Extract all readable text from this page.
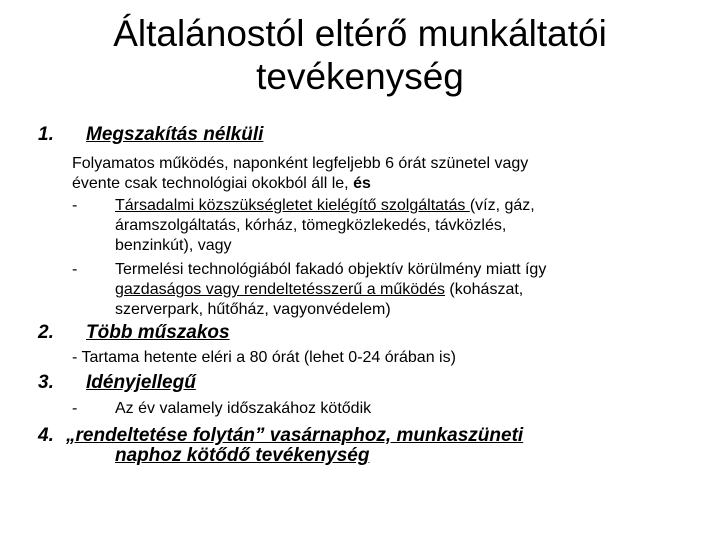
Általánostól eltérő munkáltatói
tevékenység
1. Megszakítás nélküli
Folyamatos működés, naponként legfeljebb 6 órát szünetel vagy
évente csak technológiai okokból áll le, és
- Társadalmi közszükségletet kielégítő szolgáltatás (víz, gáz,
áramszolgáltatás, kórház, tömegközlekedés, távközlés,
benzinkút), vagy
- Termelési technológiából fakadó objektív körülmény miatt így
gazdaságos vagy rendeltetésszerű a működés (kohászat,
szerverpark, hűtőház, vagyonvédelem)
2. Több műszakos
- Tartama hetente eléri a 80 órát (lehet 0-24 órában is)
3. Idényjellegű
- Az év valamely időszakához kötődik
4. „rendeltetése folytán” vasárnaphoz, munkaszüneti
naphoz kötődő tevékenység
